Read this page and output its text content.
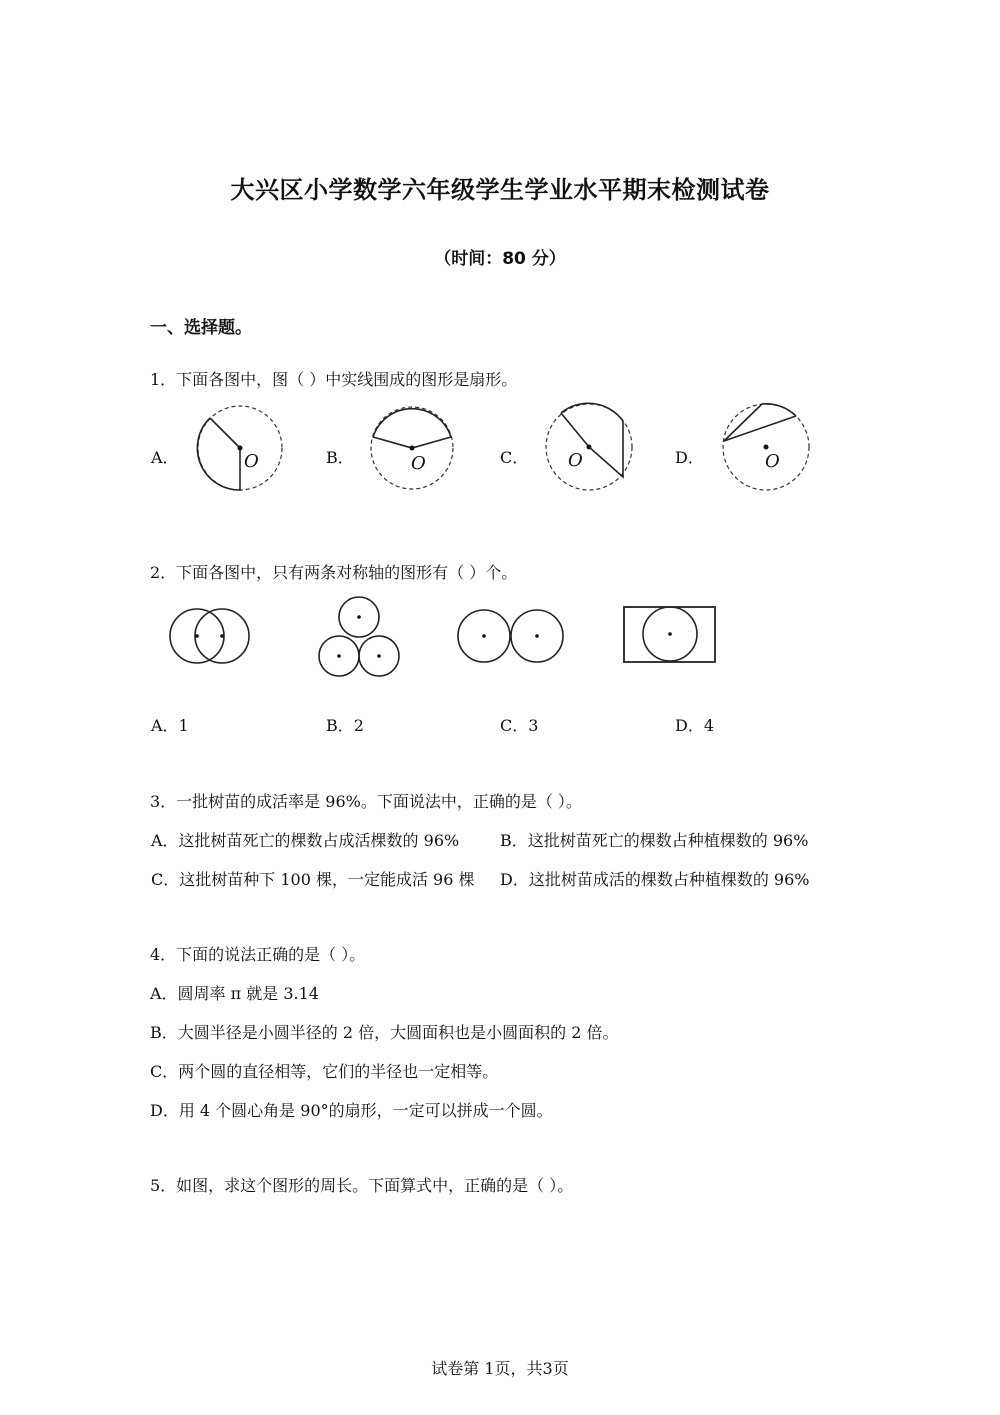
大兴区小学数学六年级学生学业水平期末检测试卷
（时间：80 分）
一、选择题。
1．下面各图中，图（ ）中实线围成的图形是扇形。
A．	B．	C．	D．
O	O	O	O
2．下面各图中，只有两条对称轴的图形有（ ）个。
A．1	B．2	C．3	D．4
3．一批树苗的成活率是 96%。下面说法中，正确的是（ ）。
A．这批树苗死亡的棵数占成活棵数的 96%	B．这批树苗死亡的棵数占种植棵数的 96%
C．这批树苗种下 100 棵，一定能成活 96 棵 D．这批树苗成活的棵数占种植棵数的 96%
4．下面的说法正确的是（ ）。
A．圆周率 π 就是 3.14
B．大圆半径是小圆半径的 2 倍，大圆面积也是小圆面积的 2 倍。
C．两个圆的直径相等，它们的半径也一定相等。
D．用 4 个圆心角是 90°的扇形，一定可以拼成一个圆。
5．如图，求这个图形的周长。下面算式中，正确的是（ ）。
试卷第 1页，共3页
